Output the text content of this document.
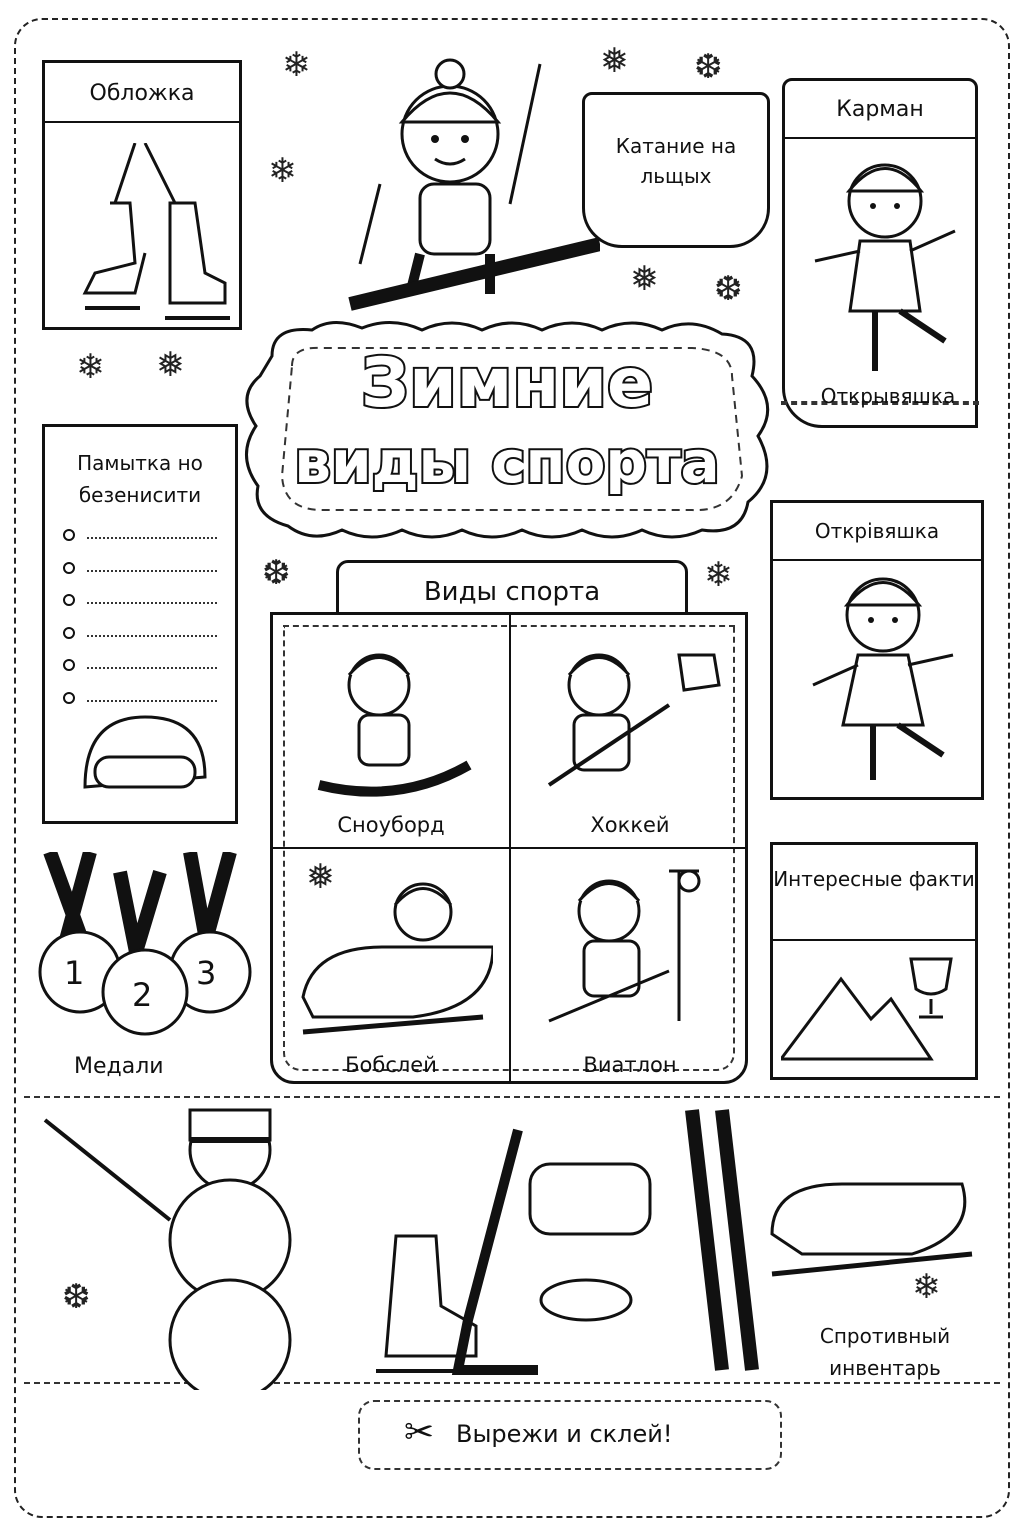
Обложка
Катание на льщых
Карман
Открывяшка
Зимние
виды спорта
Памытка но безенисити
Открівяшка
Виды спорта
Сноуборд	Хоккей
Бобслей	Виатлон
Интересные факти
1
2
3
Медали
Спротивный инвентарь
❄	❅ ❆
❄
❅ ❆
❄ ❅
❆	❄
❅
❆	❄
✂ Вырежи и склей!
